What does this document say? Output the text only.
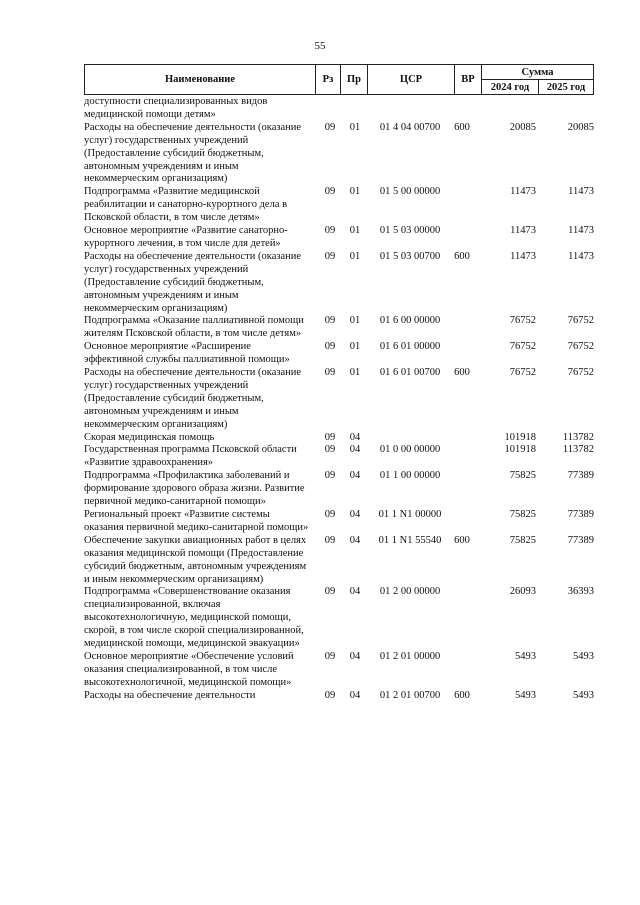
55
Наименование	Рз	Пр	ЦСР	ВР
Сумма
2024 год	2025 год
доступности специализированных видов медицинской помощи детям»
Расходы на обеспечение деятельности (оказание услуг) государственных учреждений (Предоставление субсидий бюджетным, автономным учреждениям и иным некоммерческим организациям)
09	01	01 4 04 00700	600	20085	20085
Подпрограмма «Развитие медицинской реабилитации и санаторно-курортного дела в Псковской области, в том числе детям»
09	01	01 5 00 00000	11473	11473
Основное мероприятие «Развитие санаторно-курортного лечения, в том числе для детей»
09	01	01 5 03 00000	11473	11473
Расходы на обеспечение деятельности (оказание услуг) государственных учреждений (Предоставление субсидий бюджетным, автономным учреждениям и иным некоммерческим организациям)
09	01	01 5 03 00700	600	11473	11473
Подпрограмма «Оказание паллиативной помощи жителям Псковской области, в том числе детям»
09	01	01 6 00 00000	76752	76752
Основное мероприятие «Расширение эффективной службы паллиативной помощи»
09	01	01 6 01 00000	76752	76752
Расходы на обеспечение деятельности (оказание услуг) государственных учреждений (Предоставление субсидий бюджетным, автономным учреждениям и иным некоммерческим организациям)
09	01	01 6 01 00700	600	76752	76752
Скорая медицинская помощь	09	04	101918	113782
Государственная программа Псковской области «Развитие здравоохранения»
09	04	01 0 00 00000	101918	113782
Подпрограмма «Профилактика заболеваний и формирование здорового образа жизни. Развитие первичной медико-санитарной помощи»
09	04	01 1 00 00000	75825	77389
Региональный проект «Развитие системы оказания первичной медико-санитарной помощи»
09	04	01 1 N1 00000	75825	77389
Обеспечение закупки авиационных работ в целях оказания медицинской помощи (Предоставление субсидий бюджетным, автономным учреждениям и иным некоммерческим организациям)
09	04	01 1 N1 55540	600	75825	77389
Подпрограмма «Совершенствование оказания специализированной, включая высокотехнологичную, медицинской помощи, скорой, в том числе скорой специализированной, медицинской помощи, медицинской эвакуации»
09	04	01 2 00 00000	26093	36393
Основное мероприятие «Обеспечение условий оказания специализированной, в том числе высокотехнологичной, медицинской помощи»
09	04	01 2 01 00000	5493	5493
Расходы на обеспечение деятельности	09	04	01 2 01 00700	600	5493	5493
